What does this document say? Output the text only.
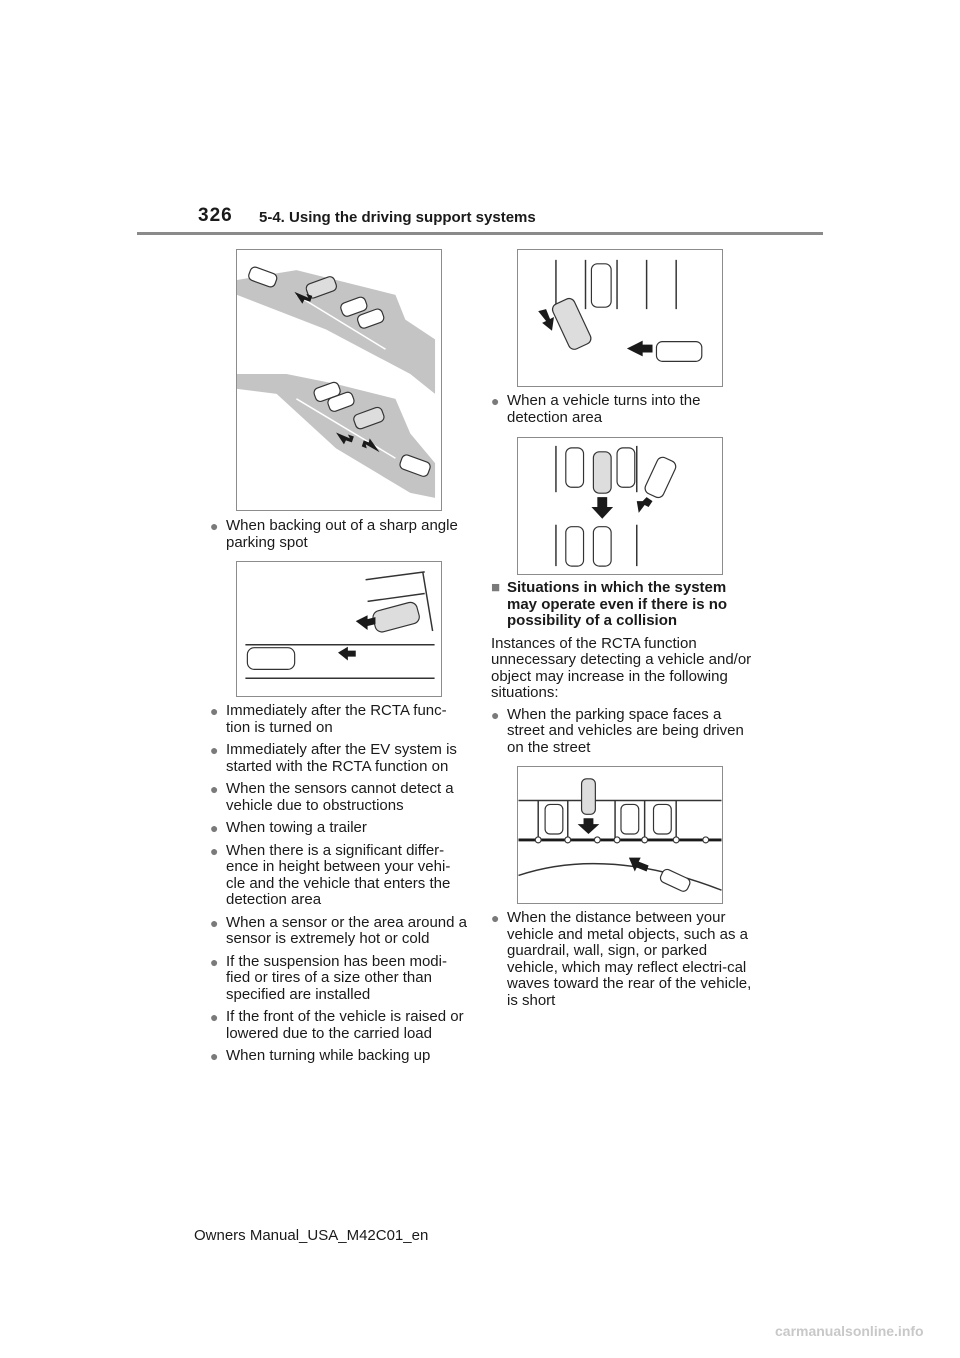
326 5-4. Using the driving support systems
● When backing out of a sharp angle parking spot
● Immediately after the RCTA func-tion is turned on
● Immediately after the EV system is started with the RCTA function on
● When the sensors cannot detect a vehicle due to obstructions
● When towing a trailer
● When there is a significant differ-ence in height between your vehi-cle and the vehicle that enters the detection area
● When a sensor or the area around a sensor is extremely hot or cold
● If the suspension has been modi-fied or tires of a size other than specified are installed
● If the front of the vehicle is raised or lowered due to the carried load
● When turning while backing up
● When a vehicle turns into the detection area
■ Situations in which the system may operate even if there is no possibility of a collision
Instances of the RCTA function unnecessary detecting a vehicle and/or object may increase in the following situations:
● When the parking space faces a street and vehicles are being driven on the street
● When the distance between your vehicle and metal objects, such as a guardrail, wall, sign, or parked vehicle, which may reflect electri-cal waves toward the rear of the vehicle, is short
Owners Manual_USA_M42C01_en
carmanualsonline.info
